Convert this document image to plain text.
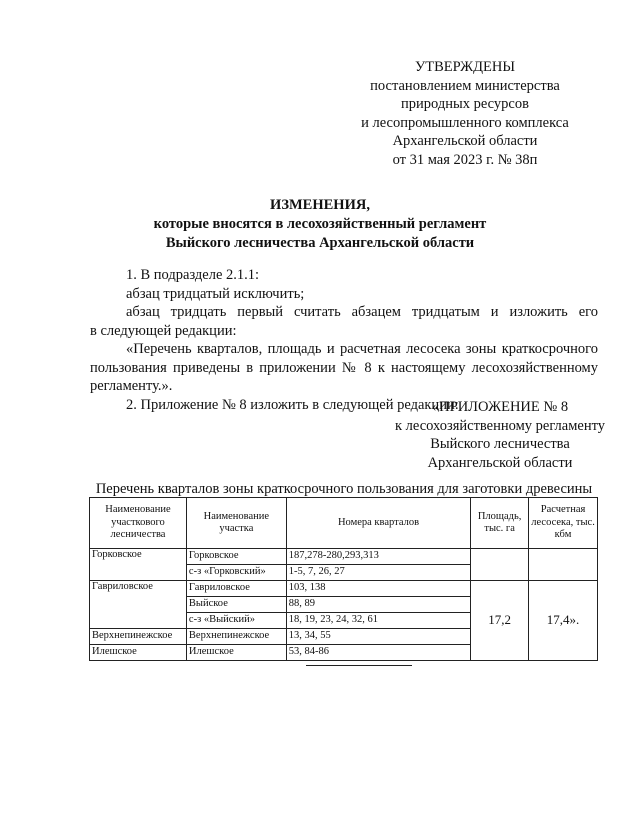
УТВЕРЖДЕНЫ
постановлением министерства
природных ресурсов
и лесопромышленного комплекса
Архангельской области
от 31 мая 2023 г. № 38п
ИЗМЕНЕНИЯ,
которые вносятся в лесохозяйственный регламент
Выйского лесничества Архангельской области

1. В подразделе 2.1.1:

абзац тридцатый исключить;

абзац тридцать первый считать абзацем тридцатым и изложить его

в следующей редакции:

«Перечень кварталов, площадь и расчетная лесосека зоны краткосрочного

пользования приведены в приложении № 8 к настоящему лесохозяйственному

регламенту.».

2. Приложение № 8 изложить в следующей редакции:

«ПРИЛОЖЕНИЕ № 8
к лесохозяйственному регламенту
Выйского лесничества
Архангельской области
Перечень кварталов зоны краткосрочного пользования для заготовки древесины
Наименование участкового лесничества	Наименование участка	Номера кварталов	Площадь, тыс. га	Расчетная лесосека, тыс. кбм
Горковское	Горковское	187,278-280,293,313		
	с-з «Горковский»	1-5, 7, 26, 27		
Гавриловское	Гавриловское	103, 138	17,2	17,4».
	Выйское	88, 89		
	с-з «Выйский»	18, 19, 23, 24, 32, 61		
Верхнепинежское	Верхнепинежское	13, 34, 55		
Илешское	Илешское	53, 84-86		
